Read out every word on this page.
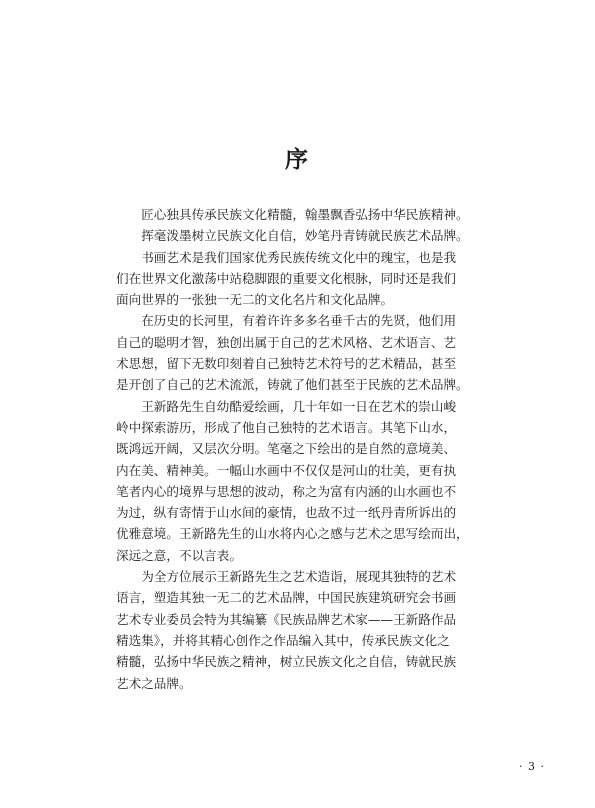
序

匠心独具传承民族文化精髓，翰墨飘香弘扬中华民族精神。

挥毫泼墨树立民族文化自信，妙笔丹青铸就民族艺术品牌。

书画艺术是我们国家优秀民族传统文化中的瑰宝，也是我
们在世界文化激荡中站稳脚跟的重要文化根脉，同时还是我们
面向世界的一张独一无二的文化名片和文化品牌。

在历史的长河里，有着许许多多名垂千古的先贤，他们用
自己的聪明才智，独创出属于自己的艺术风格、艺术语言、艺
术思想，留下无数印刻着自己独特艺术符号的艺术精品，甚至
是开创了自己的艺术流派，铸就了他们甚至于民族的艺术品牌。

王新路先生自幼酷爱绘画，几十年如一日在艺术的崇山峻
岭中探索游历，形成了他自己独特的艺术语言。其笔下山水，
既鸿远开阔，又层次分明。笔毫之下绘出的是自然的意境美、
内在美、精神美。一幅山水画中不仅仅是河山的壮美，更有执
笔者内心的境界与思想的波动，称之为富有内涵的山水画也不
为过，纵有寄情于山水间的豪情，也敌不过一纸丹青所诉出的
优雅意境。王新路先生的山水将内心之感与艺术之思写绘而出，
深远之意，不以言表。

为全方位展示王新路先生之艺术造诣，展现其独特的艺术
语言，塑造其独一无二的艺术品牌，中国民族建筑研究会书画
艺术专业委员会特为其编纂《民族品牌艺术家——王新路作品
精选集》，并将其精心创作之作品编入其中，传承民族文化之
精髓，弘扬中华民族之精神，树立民族文化之自信，铸就民族
艺术之品牌。

· 3 ·
